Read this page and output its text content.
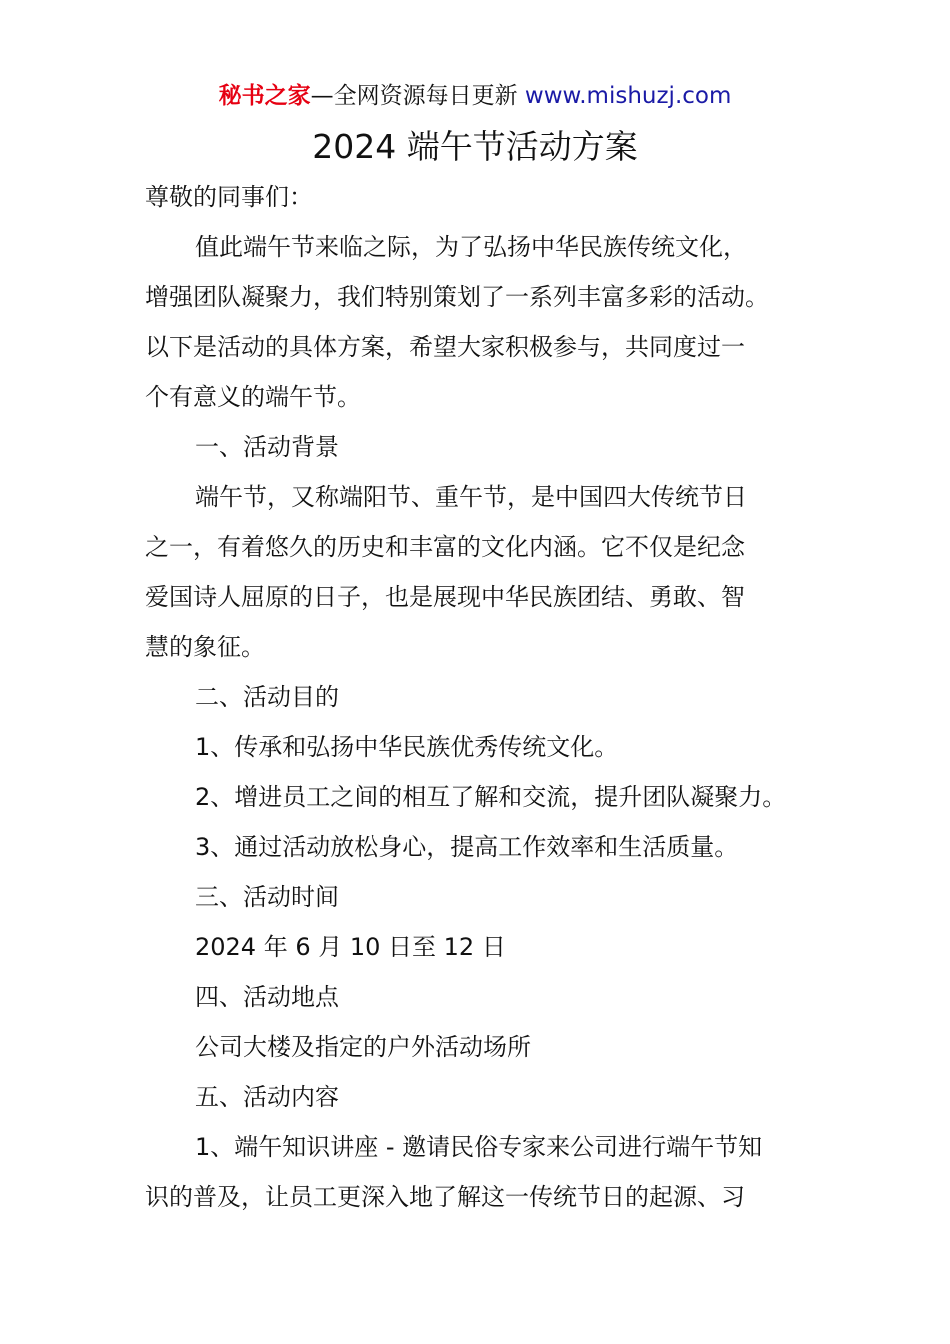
秘书之家—全网资源每日更新 www.mishuzj.com
2024 端午节活动方案
尊敬的同事们：
值此端午节来临之际，为了弘扬中华民族传统文化，
增强团队凝聚力，我们特别策划了一系列丰富多彩的活动。
以下是活动的具体方案，希望大家积极参与，共同度过一
个有意义的端午节。
一、活动背景
端午节，又称端阳节、重午节，是中国四大传统节日
之一，有着悠久的历史和丰富的文化内涵。它不仅是纪念
爱国诗人屈原的日子，也是展现中华民族团结、勇敢、智
慧的象征。
二、活动目的
1、传承和弘扬中华民族优秀传统文化。
2、增进员工之间的相互了解和交流，提升团队凝聚力。
3、通过活动放松身心，提高工作效率和生活质量。
三、活动时间
2024 年 6 月 10 日至 12 日
四、活动地点
公司大楼及指定的户外活动场所
五、活动内容
1、端午知识讲座 - 邀请民俗专家来公司进行端午节知
识的普及，让员工更深入地了解这一传统节日的起源、习
